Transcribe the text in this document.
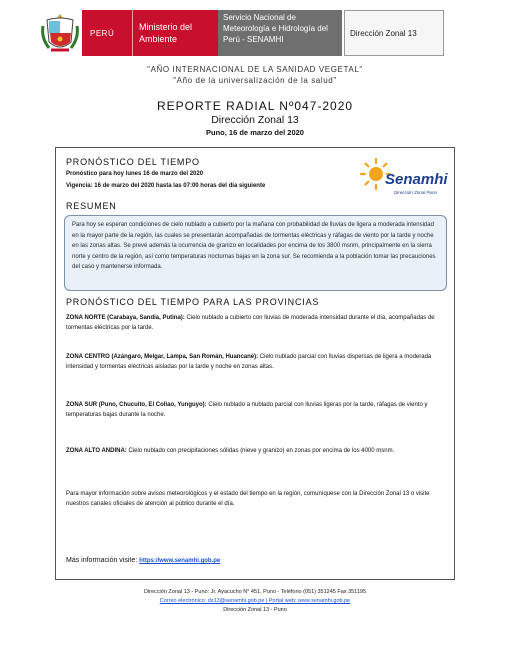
PERÚ
Ministerio del Ambiente
Servicio Nacional de Meteorología e Hidrología del Perú - SENAMHI
Dirección Zonal 13
"AÑO INTERNACIONAL DE LA SANIDAD VEGETAL"
"Año de la universalización de la salud"
REPORTE RADIAL Nº047-2020
Dirección Zonal 13
Puno, 16 de marzo del 2020
PRONÓSTICO DEL TIEMPO
Pronóstico para hoy lunes 16 de marzo del 2020
Vigencia: 16 de marzo del 2020 hasta las 07:00 horas del día siguiente	Senamhi
Dirección Zonal Puno
RESUMEN
Para hoy se esperan condiciones de cielo nublado a cubierto por la mañana con probabilidad de lluvias de ligera a moderada intensidad en la mayor parte de la región, las cuales se presentarán acompañadas de tormentas eléctricas y ráfagas de viento por la tarde y noche en las zonas altas. Se prevé además la ocurrencia de granizo en localidades por encima de los 3800 msnm, principalmente en la sierra norte y centro de la región, así como temperaturas nocturnas bajas en la zona sur. Se recomienda a la población tomar las precauciones del caso y mantenerse informada.
PRONÓSTICO DEL TIEMPO PARA LAS PROVINCIAS
ZONA NORTE (Carabaya, Sandia, Putina): Cielo nublado a cubierto con lluvias de moderada intensidad durante el día, acompañadas de tormentas eléctricas por la tarde.
ZONA CENTRO (Azángaro, Melgar, Lampa, San Román, Huancané): Cielo nublado parcial con lluvias dispersas de ligera a moderada intensidad y tormentas eléctricas aisladas por la tarde y noche en zonas altas.
ZONA SUR (Puno, Chucuito, El Collao, Yunguyo): Cielo nublado a nublado parcial con lluvias ligeras por la tarde, ráfagas de viento y temperaturas bajas durante la noche.
ZONA ALTO ANDINA: Cielo nublado con precipitaciones sólidas (nieve y granizo) en zonas por encima de los 4000 msnm.
Para mayor información sobre avisos meteorológicos y el estado del tiempo en la región, comuníquese con la Dirección Zonal 13 o visite nuestros canales oficiales de atención al público durante el día.
Más información visite: https://www.senamhi.gob.pe
Dirección Zonal 13 - Puno: Jr. Ayacucho N° 451, Puno - Teléfono (051) 351245 Fax 351195
Correo electrónico: dz13@senamhi.gob.pe | Portal web: www.senamhi.gob.pe
Dirección Zonal 13 - Puno
